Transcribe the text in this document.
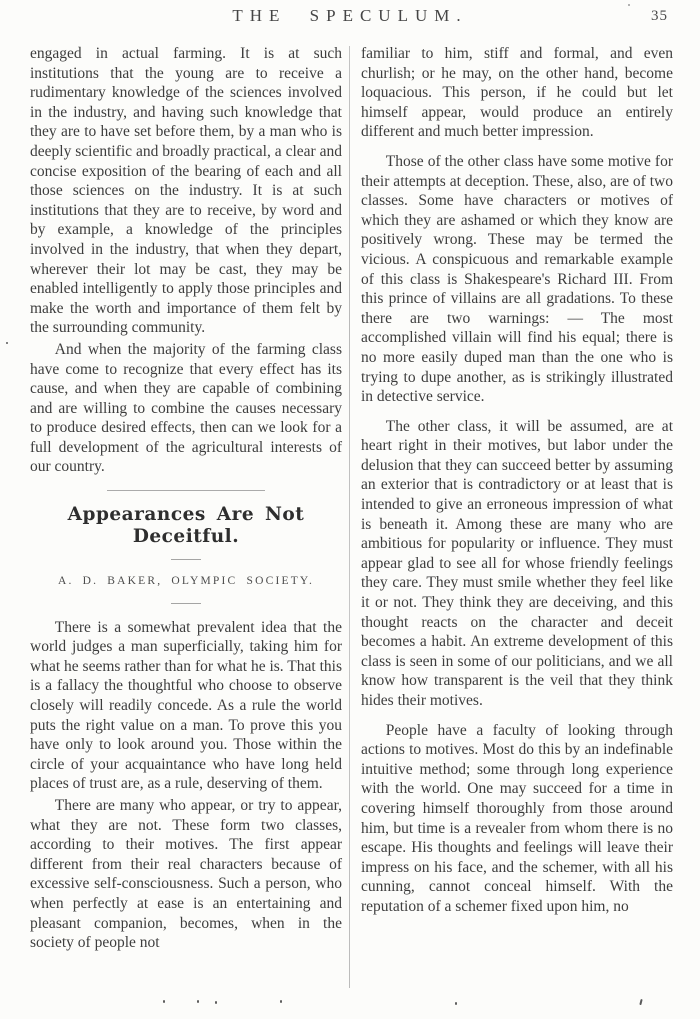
THE SPECULUM.	35

engaged in actual farming. It is at such institutions that the young are to receive a rudimentary knowledge of the sciences involved in the industry, and having such knowledge that they are to have set before them, by a man who is deeply scientific and broadly practical, a clear and concise exposition of the bearing of each and all those sciences on the industry. It is at such institutions that they are to receive, by word and by example, a knowledge of the principles involved in the industry, that when they depart, wherever their lot may be cast, they may be enabled intelligently to apply those principles and make the worth and importance of them felt by the surrounding community.

And when the majority of the farming class have come to recognize that every effect has its cause, and when they are capable of combining and are willing to combine the causes necessary to produce desired effects, then can we look for a full development of the agricultural interests of our country.

Appearances Are Not Deceitful.
A. D. BAKER, OLYMPIC SOCIETY.

There is a somewhat prevalent idea that the world judges a man superficially, taking him for what he seems rather than for what he is. That this is a fallacy the thoughtful who choose to observe closely will readily concede. As a rule the world puts the right value on a man. To prove this you have only to look around you. Those within the circle of your acquaintance who have long held places of trust are, as a rule, deserving of them.

There are many who appear, or try to appear, what they are not. These form two classes, according to their motives. The first appear different from their real characters because of excessive self-consciousness. Such a person, who when perfectly at ease is an entertaining and pleasant companion, becomes, when in the society of people not

familiar to him, stiff and formal, and even churlish; or he may, on the other hand, become loquacious. This person, if he could but let himself appear, would produce an entirely different and much better impression.

Those of the other class have some motive for their attempts at deception. These, also, are of two classes. Some have characters or motives of which they are ashamed or which they know are positively wrong. These may be termed the vicious. A conspicuous and remarkable example of this class is Shakespeare's Richard III. From this prince of villains are all gradations. To these there are two warnings: — The most accomplished villain will find his equal; there is no more easily duped man than the one who is trying to dupe another, as is strikingly illustrated in detective service.

The other class, it will be assumed, are at heart right in their motives, but labor under the delusion that they can succeed better by assuming an exterior that is contradictory or at least that is intended to give an erroneous impression of what is beneath it. Among these are many who are ambitious for popularity or influence. They must appear glad to see all for whose friendly feelings they care. They must smile whether they feel like it or not. They think they are deceiving, and this thought reacts on the character and deceit becomes a habit. An extreme development of this class is seen in some of our politicians, and we all know how transparent is the veil that they think hides their motives.

People have a faculty of looking through actions to motives. Most do this by an indefinable intuitive method; some through long experience with the world. One may succeed for a time in covering himself thoroughly from those around him, but time is a revealer from whom there is no escape. His thoughts and feelings will leave their impress on his face, and the schemer, with all his cunning, cannot conceal himself. With the reputation of a schemer fixed upon him, no
